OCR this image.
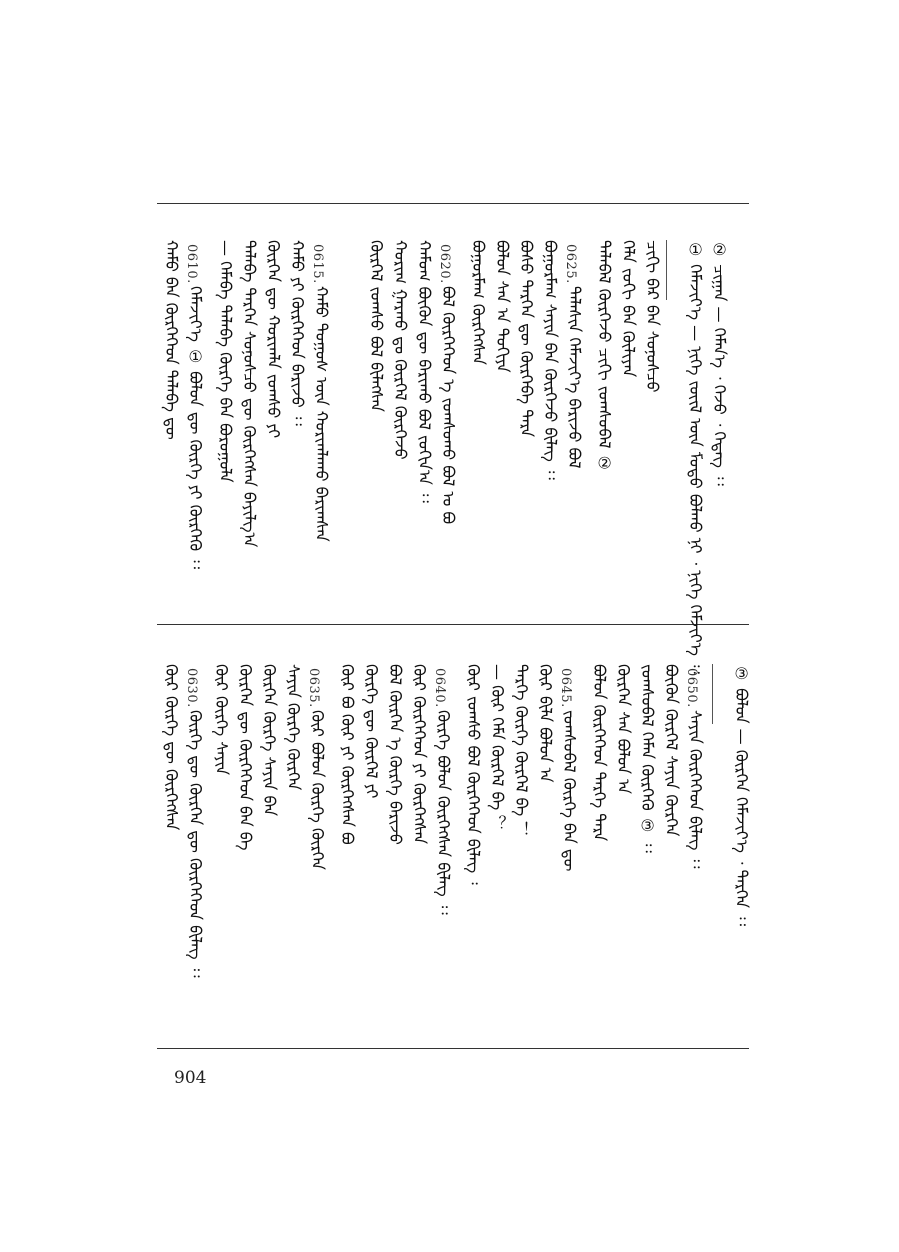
② ᠴᠢᠭᠠᠨ — ᠬᠡᠮᠡᠨ᠎ᠡ ᠂ ᠭᠡᠵᠦ ᠂ ᠭᠡᠳᠡᠭ ᠄᠄
① ᠬᠡᠮᠡᠵᠢᠶ᠎ᠡ — ᠨᠢᠭᠡ ᠵᠦᠢᠯ ᠦᠨ ᠮᠣᠳᠣ ᠪᠣᠯᠬᠤ ᠨᠢ ᠂ ᠨᠢᠭᠡ ᠬᠡᠮᠵᠢᠶ᠎ᠡ ᠄᠄
ᠴᠢᠬᠢ ᠪᠡᠷ ᠪᠡᠨ ᠰᠣᠨᠣᠰᠴᠤ
ᠬᠡᠯᠡ ᠵᠣᠬᠢ ᠪᠡᠨ ᠬᠦᠯᠢᠶᠡᠨ
ᠲᠠᠯᠠᠪᠠᠯ ᠬᠦᠷᠭᠡᠵᠦ ᠴᠢᠬᠢ ᠵᠣᠭᠰᠣᠪᠠᠯ ②
0625.
ᠲᠠᠯᠠᠰᠢᠨ ᠬᠡᠮᠡᠵᠢᠶ᠎ᠡ ᠪᠠᠷᠢᠵᠤ ᠪᠣᠯ
ᠪᠣᠭᠣᠷᠮᠠᠭ ᠰᠠᠶᠢᠨ ᠪᠡᠨ ᠬᠦᠷᠭᠡᠵᠦ ᠪᠢᠯᠡᠭ ᠄᠄
ᠪᠣᠰᠣ ᠲᠡᠷᠭᠡᠨ ᠳᠦ ᠬᠦᠷᠭᠡᠪᠡ ᠲᠡᠷᠡ
ᠪᠣᠯᠤᠨ ᠰᠠᠨ ᠠ ᠲᠣᠬᠢᠶᠠ
ᠪᠣᠭᠣᠷᠮᠠᠭ ᠬᠦᠷᠭᠡᠭᠰᠡᠨ
0620.
ᠪᠣᠯ ᠬᠦᠷᠭᠡᠭᠡᠳ ᠡ ᠵᠣᠭᠰᠣᠬᠤ ᠪᠣᠯ ᠤ ᠪᠣ
ᠬᠠᠮᠤᠭ ᠪᠦᠬᠦᠨ ᠳᠦ ᠪᠠᠷᠢᠬᠤ ᠪᠣᠯ ᠵᠣᠬᠢᠨ᠎ᠠ ᠄᠄
ᠬᠣᠷᠢᠭ ᠭᠠᠷᠬᠤ ᠳᠤ ᠬᠦᠷᠭᠡᠯ ᠬᠦᠷᠭᠡᠵᠦ
ᠬᠦᠷᠭᠡᠯ ᠵᠣᠭᠰᠣ ᠪᠣᠯ ᠪᠢᠯᠡᠭᠰᠡᠨ
0615.
ᠬᠠᠮᠤ ᠲᠣᠭᠤᠰ ᠦᠨ ᠬᠣᠷᠢᠭᠯᠠᠬᠤ ᠪᠠᠷᠢᠭᠰᠠᠨ
ᠬᠠᠮᠤ ᠶᠢ ᠬᠦᠷᠭᠡᠭᠡᠳ ᠪᠠᠷᠢᠵᠤ ᠄᠄
ᠬᠦᠷᠭᠡᠨ ᠳᠦ ᠬᠣᠷᠢᠭᠯᠠ ᠵᠣᠭᠰᠣ ᠶᠢ
ᠲᠠᠯᠠᠪᠠ ᠲᠡᠷᠭᠡᠨ ᠰᠣᠨᠣᠰᠴᠤ ᠳᠦ ᠬᠦᠷᠭᠡᠭᠰᠡᠨ ᠪᠠᠶᠢᠯᠭ᠎ᠠ
— ᠬᠡᠮᠡᠪᠡ ᠲᠠᠯᠠᠪᠠ ᠬᠦᠷᠭᠡ ᠪᠡᠨ ᠪᠣᠷᠤᠭᠤᠯᠠ
0610.
ᠬᠡᠮᠡᠵᠢᠶ᠎ᠡ ① ᠪᠣᠯᠤᠨ ᠳᠦ ᠬᠦᠷᠭᠡ ᠶᠢ ᠬᠦᠷᠭᠡᠬᠦ ᠄᠄
ᠬᠠᠮᠤ ᠪᠡᠨ ᠬᠦᠷᠭᠡᠭᠡᠳ ᠲᠠᠯᠠᠪᠠ ᠳᠦ
③ ᠪᠣᠯᠤᠨ — ᠬᠦᠷᠭᠡᠨ ᠬᠡᠮᠡᠵᠢᠶ᠎ᠡ ᠂ ᠲᠡᠷᠭᠡᠨ ᠄᠄
0650.
ᠰᠠᠶᠢᠨ ᠬᠦᠷᠭᠡᠭᠡᠳ ᠪᠢᠯᠡᠭ ᠄᠄
ᠪᠦᠬᠦᠨ ᠬᠦᠷᠭᠡᠯ ᠰᠠᠶᠢᠨ ᠬᠦᠷᠭᠡᠨ
ᠵᠣᠭᠰᠣᠪᠠᠯ ᠬᠡᠮᠡᠨ ᠬᠦᠷᠭᠡᠬᠦ ③ ᠄᠄
ᠬᠦᠷᠭᠡᠨ ᠰᠠᠨ ᠪᠣᠯᠤᠨ ᠠ
ᠪᠣᠯᠤᠨ ᠬᠦᠷᠭᠡᠭᠡᠳ ᠲᠡᠷᠭᠡ ᠲᠡᠷᠡ
0645.
ᠵᠣᠭᠰᠣᠪᠠᠯ ᠬᠦᠷᠭᠡ ᠪᠡᠨ ᠳᠦ
ᠬᠦᠷ ᠪᠢᠯᠡ ᠪᠣᠯᠤᠨ ᠠ
ᠲᠡᠷᠭᠡ ᠬᠦᠷᠭᠡ ᠬᠦᠷᠭᠡᠯ ᠪᠡ ！
— ᠬᠦᠷ ᠬᠡᠮᠡ ᠬᠦᠷᠭᠡᠯ ᠪᠡ ？
ᠬᠦᠷ ᠵᠣᠭᠰᠣ ᠪᠣᠯ ᠬᠦᠷᠭᠡᠭᠡᠳ ᠪᠢᠯᠡᠭ ᠄
0640.
ᠬᠦᠷᠭᠡ ᠪᠣᠯᠤᠨ ᠬᠦᠷᠭᠡᠭᠰᠡᠨ ᠪᠢᠯᠡᠭ ᠄᠄
ᠬᠦᠷ ᠬᠦᠷᠭᠡᠭᠡᠳ ᠶᠢ ᠬᠦᠷᠭᠡᠭᠰᠡᠨ
ᠪᠣᠯ ᠬᠦᠷᠭᠡᠨ ᠡ ᠬᠦᠷᠭᠡ ᠪᠠᠷᠢᠵᠤ
ᠬᠦᠷᠭᠡ ᠳᠦ ᠬᠦᠷᠭᠡᠯ ᠶᠢ
ᠬᠦᠷ ᠪᠣ ᠬᠦᠷ ᠶᠢ ᠬᠦᠷᠭᠡᠭᠰᠡᠨ ᠪᠣ
0635.
ᠬᠦᠷ ᠪᠣᠯᠤᠨ ᠬᠦᠷᠭᠡ ᠬᠦᠷᠭᠡᠨ
ᠰᠠᠶᠢᠨ ᠬᠦᠷᠭᠡ ᠬᠦᠷᠭᠡᠨ
ᠬᠦᠷᠭᠡᠨ ᠬᠦᠷᠭᠡ ᠰᠠᠶᠢᠨ ᠪᠡᠨ
ᠬᠦᠷᠭᠡᠨ ᠳᠦ ᠬᠦᠷᠭᠡᠭᠡᠳ ᠪᠡᠨ ᠪᠡ
ᠬᠦᠷ ᠬᠦᠷᠭᠡ ᠰᠠᠶᠢᠨ
0630.
ᠬᠦᠷᠭᠡ ᠳᠦ ᠬᠦᠷᠭᠡᠨ ᠳᠦ ᠬᠦᠷᠭᠡᠭᠡᠳ ᠪᠢᠯᠡᠭ ᠄᠄
ᠬᠦᠷ ᠬᠦᠷᠭᠡ ᠳᠦ ᠬᠦᠷᠭᠡᠭᠰᠡᠨ
904
